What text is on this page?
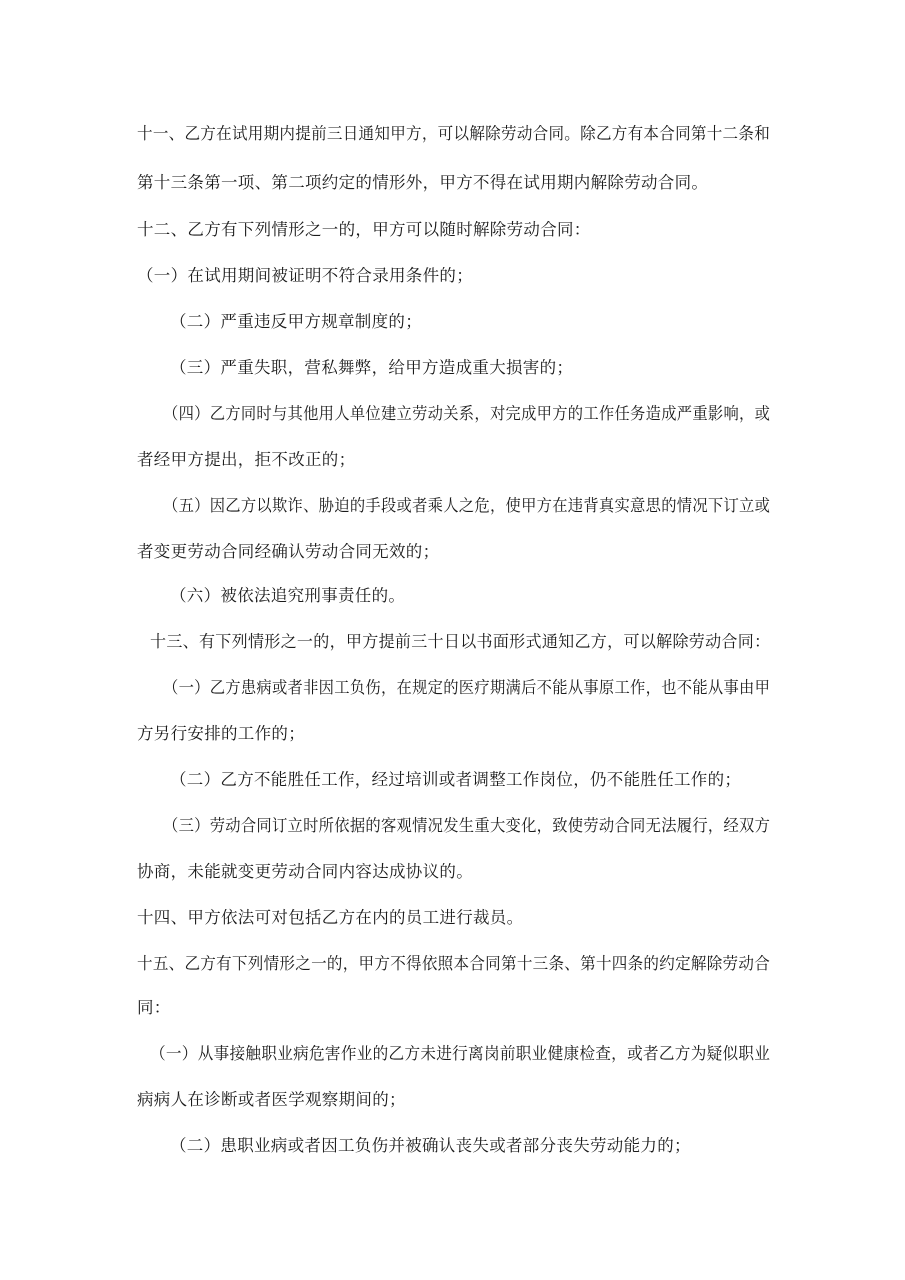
十一、乙方在试用期内提前三日通知甲方，可以解除劳动合同。除乙方有本合同第十二条和
第十三条第一项、第二项约定的情形外，甲方不得在试用期内解除劳动合同。
十二、乙方有下列情形之一的，甲方可以随时解除劳动合同：
（一）在试用期间被证明不符合录用条件的；
（二）严重违反甲方规章制度的；
（三）严重失职，营私舞弊，给甲方造成重大损害的；
（四）乙方同时与其他用人单位建立劳动关系，对完成甲方的工作任务造成严重影响，或
者经甲方提出，拒不改正的；
（五）因乙方以欺诈、胁迫的手段或者乘人之危，使甲方在违背真实意思的情况下订立或
者变更劳动合同经确认劳动合同无效的；
（六）被依法追究刑事责任的。
十三、有下列情形之一的，甲方提前三十日以书面形式通知乙方，可以解除劳动合同：
（一）乙方患病或者非因工负伤，在规定的医疗期满后不能从事原工作，也不能从事由甲
方另行安排的工作的；
（二）乙方不能胜任工作，经过培训或者调整工作岗位，仍不能胜任工作的；
（三）劳动合同订立时所依据的客观情况发生重大变化，致使劳动合同无法履行，经双方
协商，未能就变更劳动合同内容达成协议的。
十四、甲方依法可对包括乙方在内的员工进行裁员。
十五、乙方有下列情形之一的，甲方不得依照本合同第十三条、第十四条的约定解除劳动合
同：
（一）从事接触职业病危害作业的乙方未进行离岗前职业健康检查，或者乙方为疑似职业
病病人在诊断或者医学观察期间的；
（二）患职业病或者因工负伤并被确认丧失或者部分丧失劳动能力的；
